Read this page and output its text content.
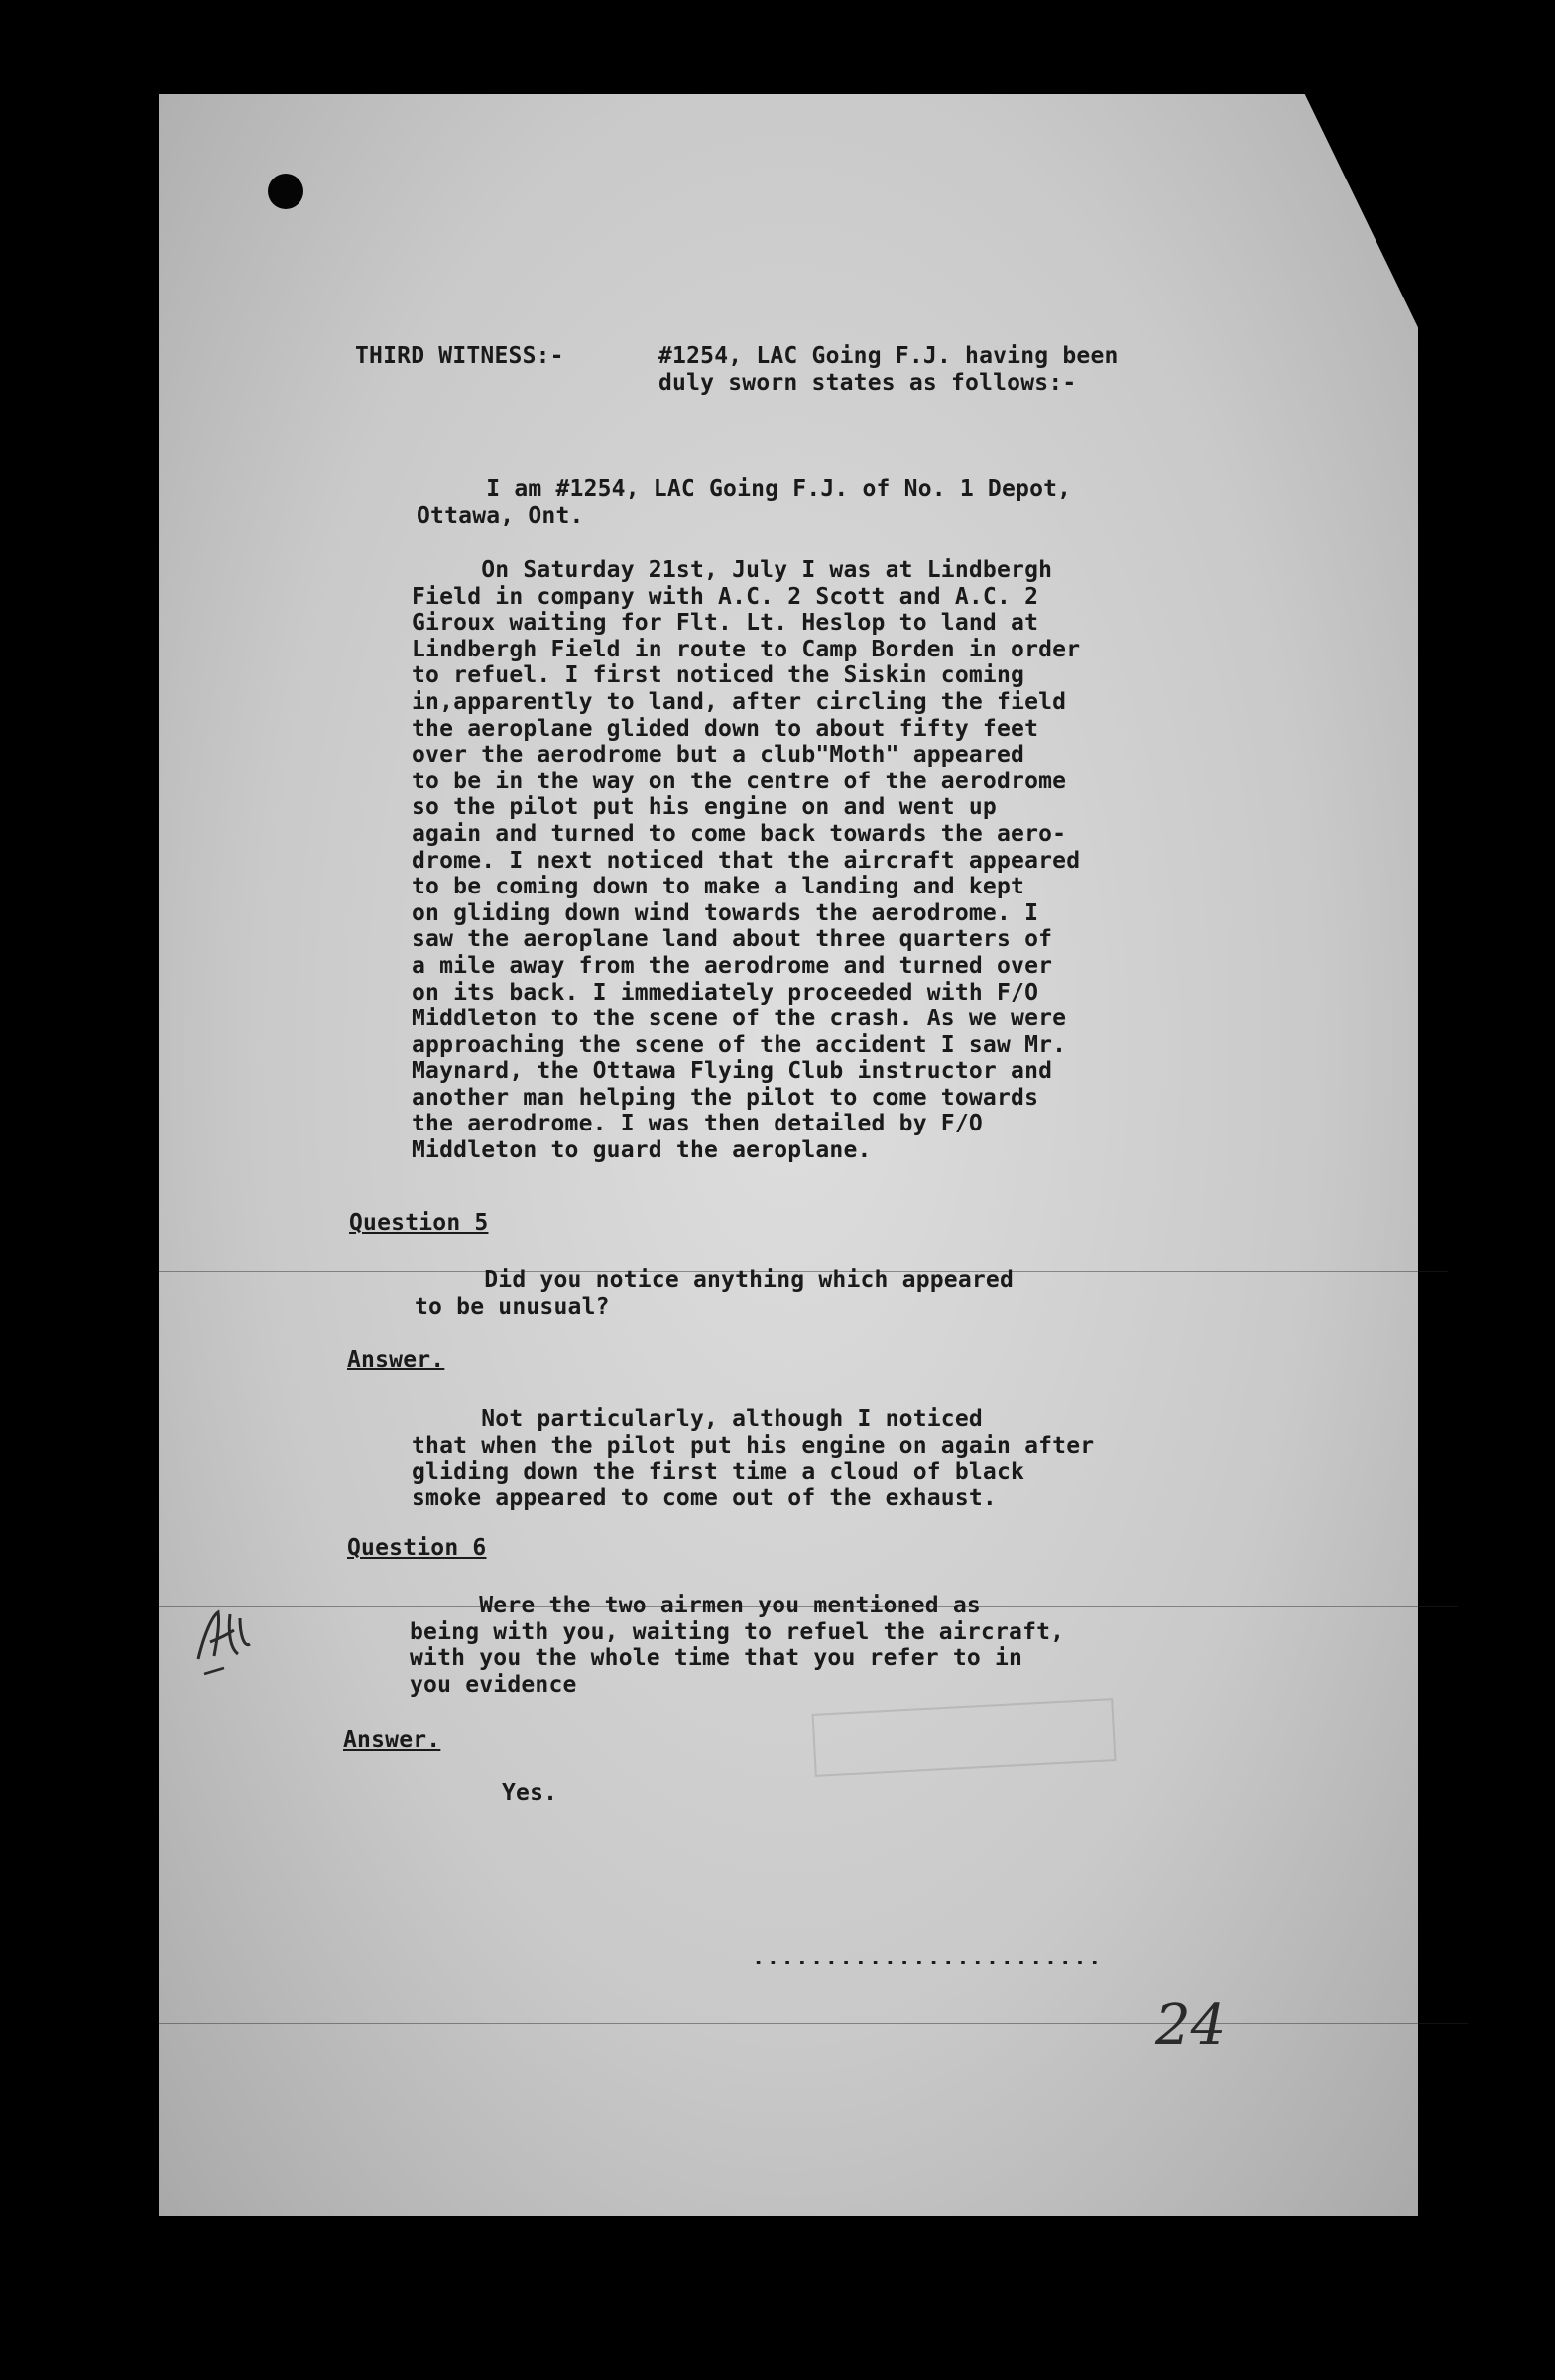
THIRD WITNESS:-	#1254, LAC Going F.J. having been
duly sworn states as follows:-
I am #1254, LAC Going F.J. of No. 1 Depot,
Ottawa, Ont.
On Saturday 21st, July I was at Lindbergh
Field in company with A.C. 2 Scott and A.C. 2
Giroux waiting for Flt. Lt. Heslop to land at
Lindbergh Field in route to Camp Borden in order
to refuel. I first noticed the Siskin coming
in,apparently to land, after circling the field
the aeroplane glided down to about fifty feet
over the aerodrome but a club"Moth" appeared
to be in the way on the centre of the aerodrome
so the pilot put his engine on and went up
again and turned to come back towards the aero-
drome. I next noticed that the aircraft appeared
to be coming down to make a landing and kept
on gliding down wind towards the aerodrome. I
saw the aeroplane land about three quarters of
a mile away from the aerodrome and turned over
on its back. I immediately proceeded with F/O
Middleton to the scene of the crash. As we were
approaching the scene of the accident I saw Mr.
Maynard, the Ottawa Flying Club instructor and
another man helping the pilot to come towards
the aerodrome. I was then detailed by F/O
Middleton to guard the aeroplane.
Question 5
Did you notice anything which appeared
to be unusual?
Answer.
Not particularly, although I noticed
that when the pilot put his engine on again after
gliding down the first time a cloud of black
smoke appeared to come out of the exhaust.
Question 6
Were the two airmen you mentioned as
being with you, waiting to refuel the aircraft,
with you the whole time that you refer to in
you evidence
Answer.
Yes.
........................
24
